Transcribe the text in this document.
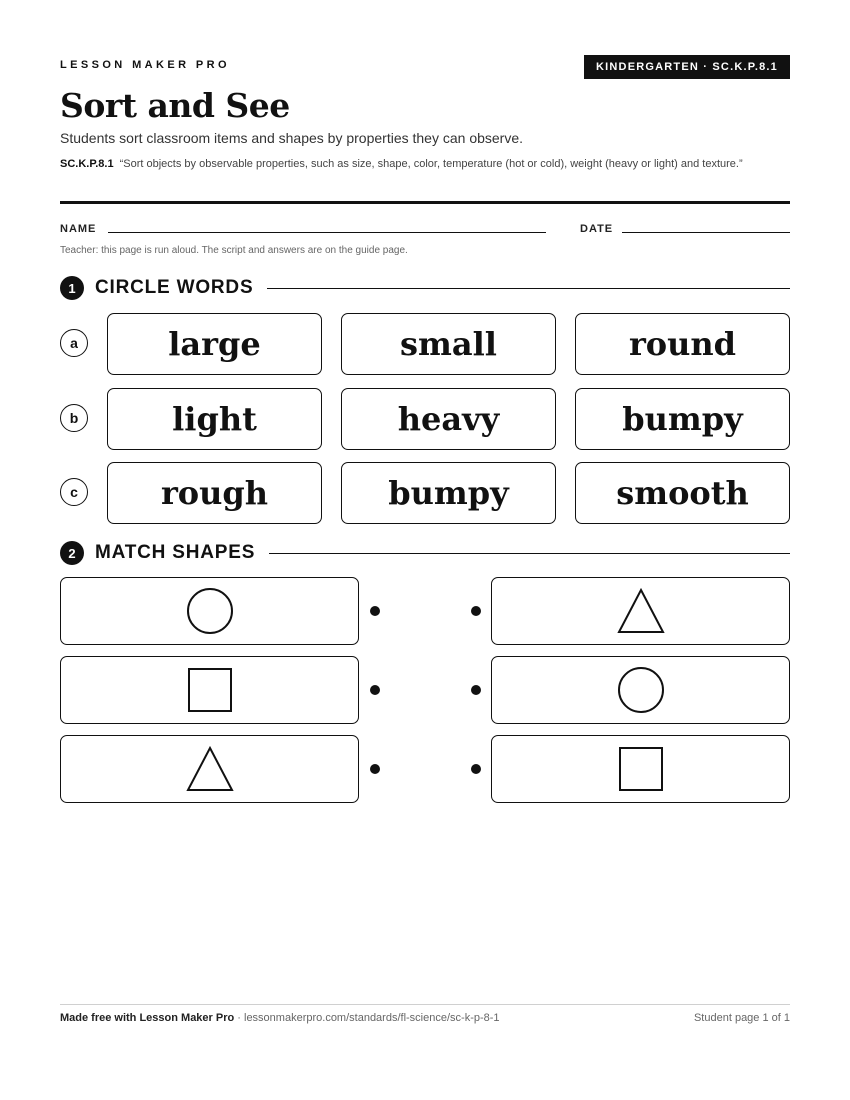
LESSON MAKER PRO	KINDERGARTEN · SC.K.P.8.1
Sort and See

Students sort classroom items and shapes by properties they can observe.

SC.K.P.8.1 “Sort objects by observable properties, such as size, shape, color, temperature (hot or cold), weight (heavy or light) and texture.”

NAME	DATE

Teacher: this page is run aloud. The script and answers are on the guide page.

1	CIRCLE WORDS
a	large	small	round
b	light	heavy	bumpy
c	rough	bumpy	smooth
2	MATCH SHAPES
Made free with Lesson Maker Pro · lessonmakerpro.com/standards/fl-science/sc-k-p-8-1	Student page 1 of 1
